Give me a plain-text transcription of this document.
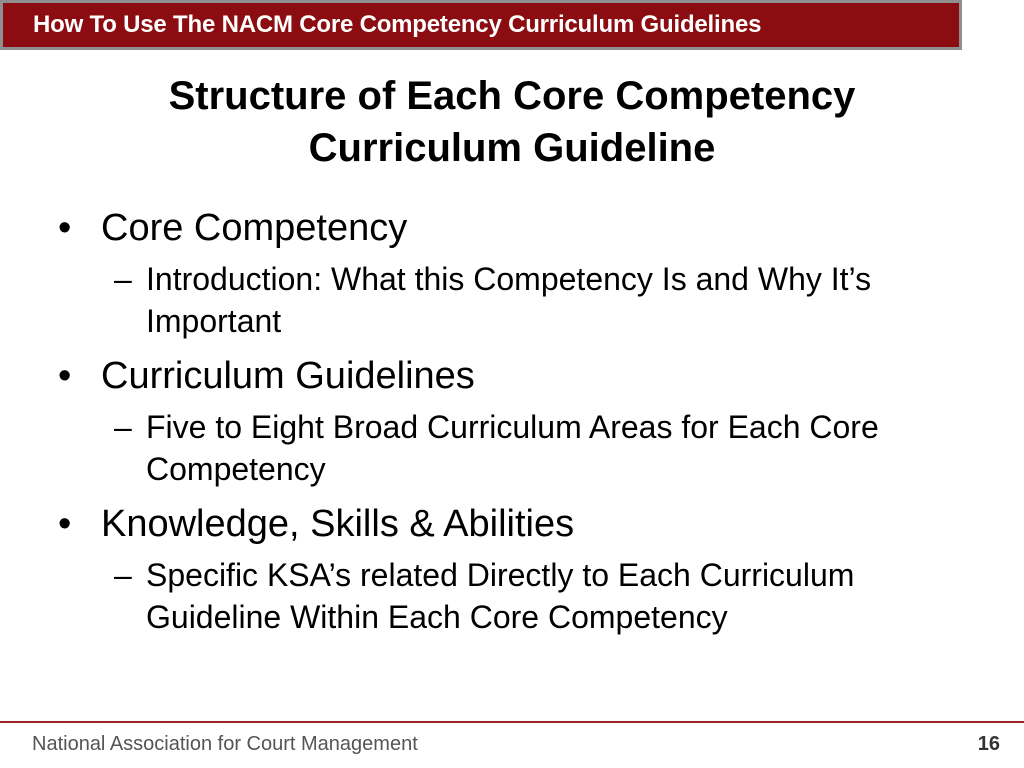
How To Use The NACM Core Competency Curriculum Guidelines
Structure of Each Core Competency
Curriculum Guideline
• Core Competency
– Introduction: What this Competency Is and Why It’s Important
• Curriculum Guidelines
– Five to Eight Broad Curriculum Areas for Each Core Competency
• Knowledge, Skills & Abilities
– Specific KSA’s related Directly to Each Curriculum Guideline Within Each Core Competency
National Association for Court Management	16
